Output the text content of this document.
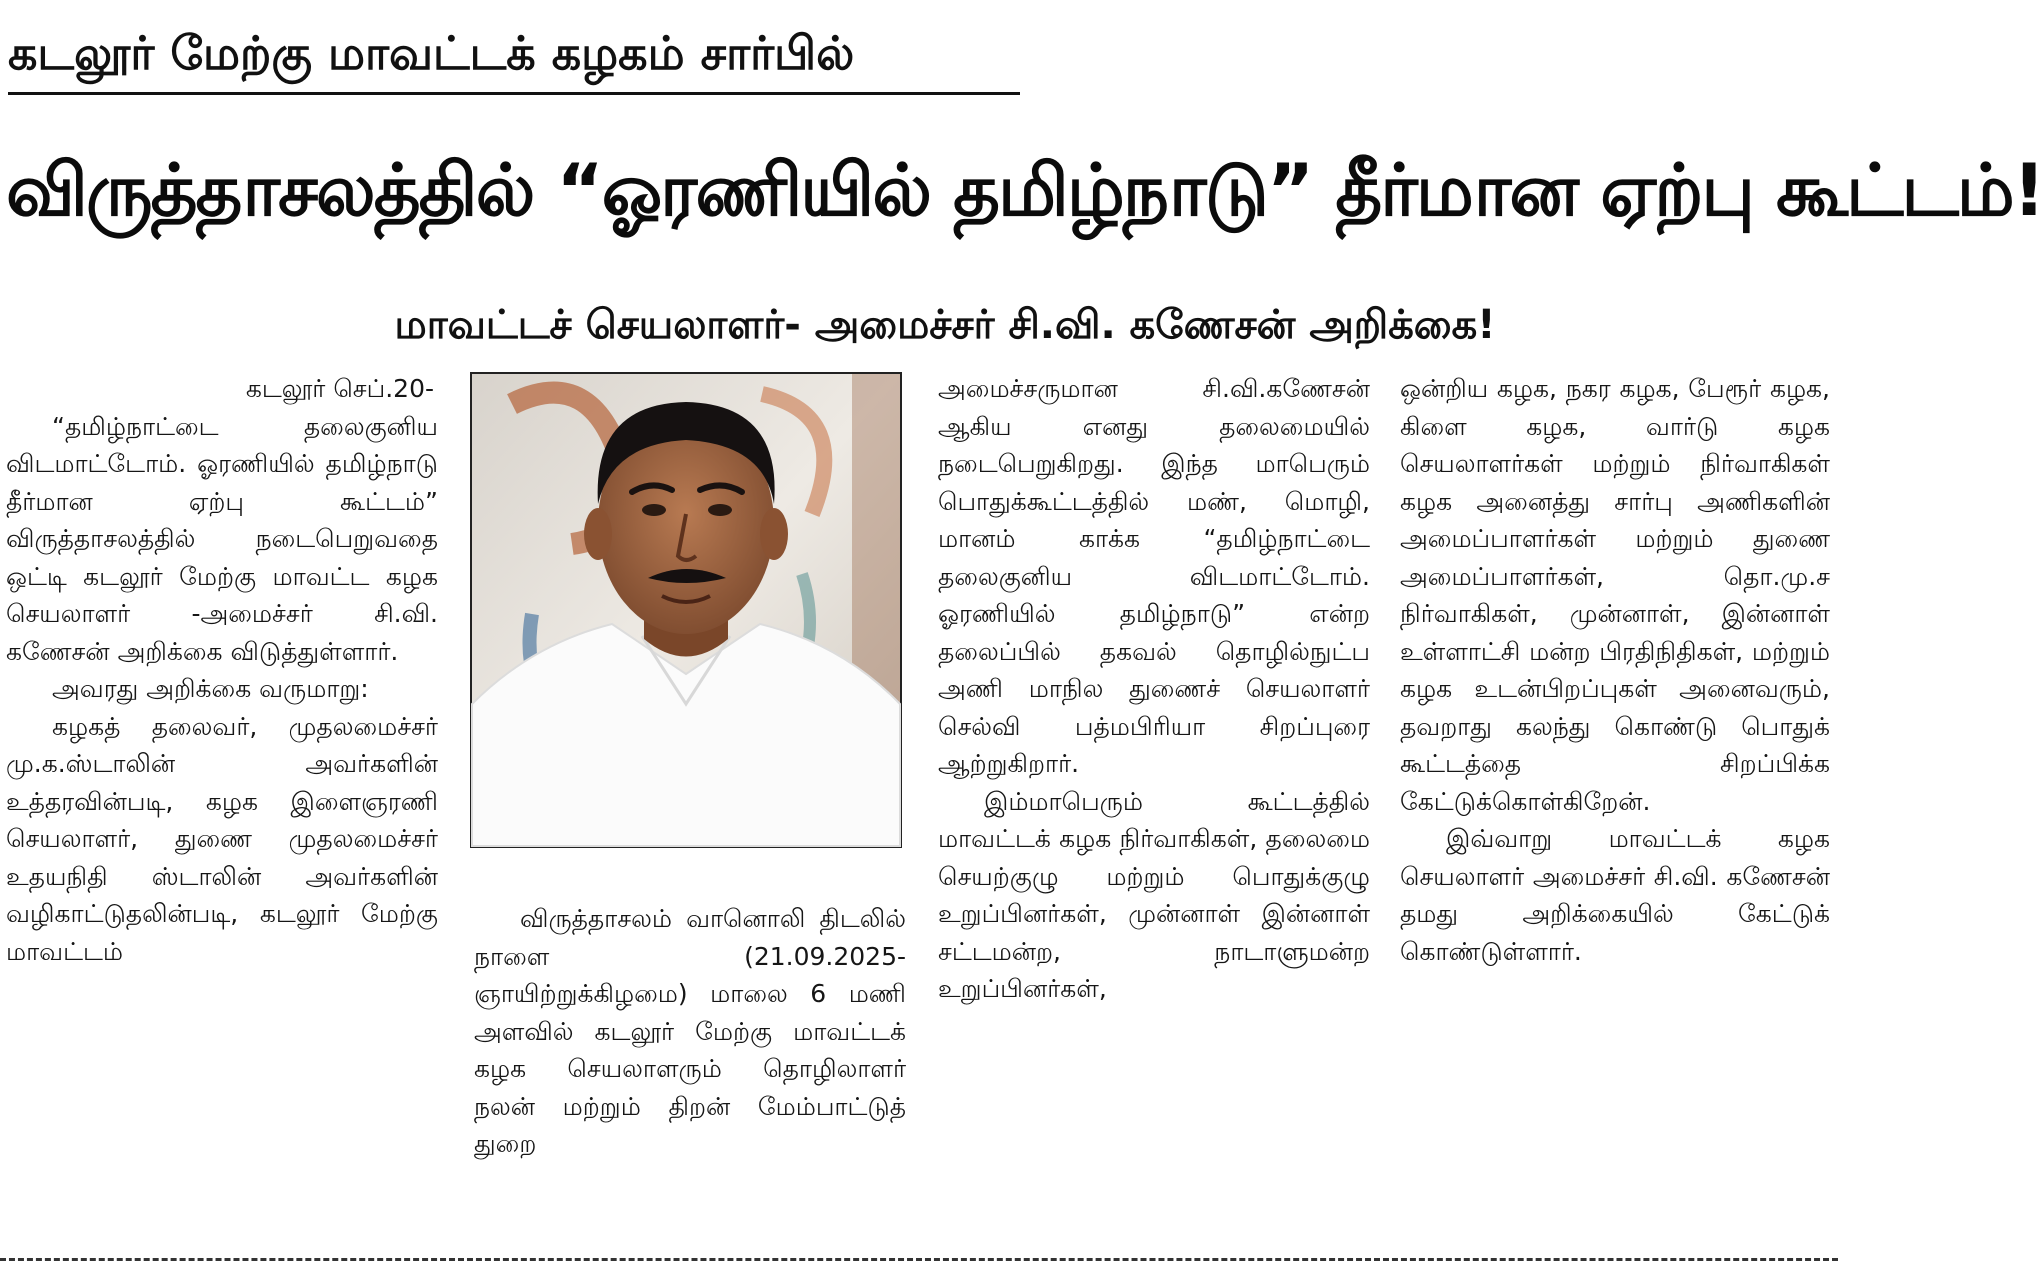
கடலூர் மேற்கு மாவட்டக் கழகம் சார்பில்
விருத்தாசலத்தில் “ஓரணியில் தமிழ்நாடு” தீர்மான ஏற்பு கூட்டம்!
மாவட்டச் செயலாளர்- அமைச்சர் சி.வி. கணேசன் அறிக்கை!

கடலூர் செப்.20-

“தமிழ்நாட்டை தலைகுனிய விடமாட்டோம். ஓரணியில் தமிழ்நாடு தீர்மான ஏற்பு கூட்டம்” விருத்தாசலத்தில் நடைபெறுவதை ஒட்டி கடலூர் மேற்கு மாவட்ட கழக செயலாளர் -அமைச்சர் சி.வி. கணேசன் அறிக்கை விடுத்துள்ளார்.

அவரது அறிக்கை வருமாறு:

கழகத் தலைவர், முதலமைச்சர் மு.க.ஸ்டாலின் அவர்களின் உத்தரவின்படி, கழக இளைஞரணி செயலாளர், துணை முதலமைச்சர் உதயநிதி ஸ்டாலின் அவர்களின் வழிகாட்டுதலின்படி, கடலூர் மேற்கு மாவட்டம்

விருத்தாசலம் வானொலி திடலில் நாளை (21.09.2025- ஞாயிற்றுக்கிழமை) மாலை 6 மணி அளவில் கடலூர் மேற்கு மாவட்டக் கழக செயலாளரும் தொழிலாளர் நலன் மற்றும் திறன் மேம்பாட்டுத் துறை

அமைச்சருமான சி.வி.கணேசன் ஆகிய எனது தலைமையில் நடைபெறுகிறது. இந்த மாபெரும் பொதுக்கூட்டத்தில் மண், மொழி, மானம் காக்க “தமிழ்நாட்டை தலைகுனிய விடமாட்டோம். ஓரணியில் தமிழ்நாடு” என்ற தலைப்பில் தகவல் தொழில்நுட்ப அணி மாநில துணைச் செயலாளர் செல்வி பத்மபிரியா சிறப்புரை ஆற்றுகிறார்.

இம்மாபெரும் கூட்டத்தில் மாவட்டக் கழக நிர்வாகிகள், தலைமை செயற்குழு மற்றும் பொதுக்குழு உறுப்பினர்கள், முன்னாள் இன்னாள் சட்டமன்ற, நாடாளுமன்ற உறுப்பினர்கள்,

ஒன்றிய கழக, நகர கழக, பேரூர் கழக, கிளை கழக, வார்டு கழக செயலாளர்கள் மற்றும் நிர்வாகிகள் கழக அனைத்து சார்பு அணிகளின் அமைப்பாளர்கள் மற்றும் துணை அமைப்பாளர்கள், தொ.மு.ச நிர்வாகிகள், முன்னாள், இன்னாள் உள்ளாட்சி மன்ற பிரதிநிதிகள், மற்றும் கழக உடன்பிறப்புகள் அனைவரும், தவறாது கலந்து கொண்டு பொதுக் கூட்டத்தை சிறப்பிக்க கேட்டுக்கொள்கிறேன்.

இவ்வாறு மாவட்டக் கழக செயலாளர் அமைச்சர் சி.வி. கணேசன் தமது அறிக்கையில் கேட்டுக் கொண்டுள்ளார்.
